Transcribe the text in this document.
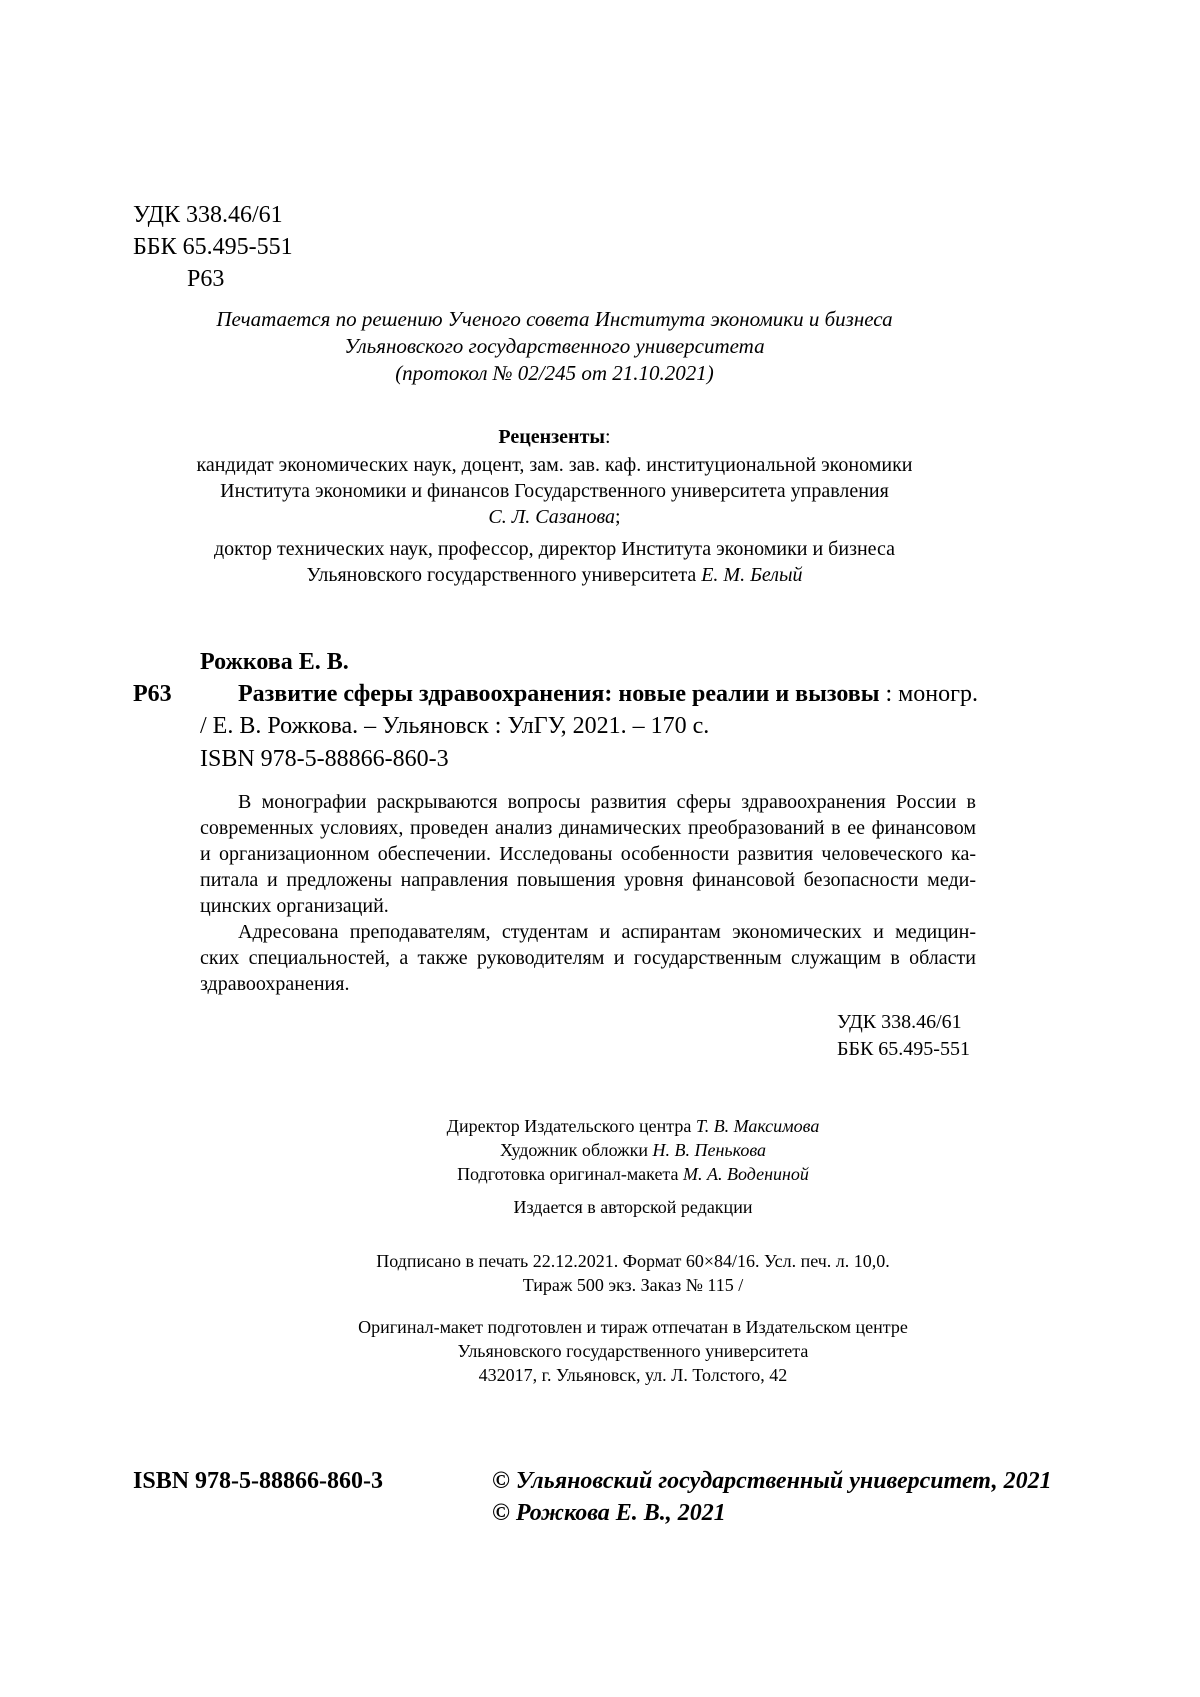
УДК 338.46/61
ББК 65.495-551
Р63
Печатается по решению Ученого совета Института экономики и бизнеса
Ульяновского государственного университета
(протокол № 02/245 от 21.10.2021)
Рецензенты:
кандидат экономических наук, доцент, зам. зав. каф. институциональной экономики
Института экономики и финансов Государственного университета управления
С. Л. Сазанова;
доктор технических наук, профессор, директор Института экономики и бизнеса
Ульяновского государственного университета Е. М. Белый
Рожкова Е. В.
Р63	Развитие сферы здравоохранения: новые реалии и вызовы : моногр.
/ Е. В. Рожкова. – Ульяновск : УлГУ, 2021. – 170 с.
ISBN 978-5-88866-860-3
В монографии раскрываются вопросы развития сферы здравоохранения России в
современных условиях, проведен анализ динамических преобразований в ее финансовом
и организационном обеспечении. Исследованы особенности развития человеческого ка-
питала и предложены направления повышения уровня финансовой безопасности меди-
цинских организаций.
Адресована преподавателям, студентам и аспирантам экономических и медицин-
ских специальностей, а также руководителям и государственным служащим в области
здравоохранения.
УДК 338.46/61
ББК 65.495-551
Директор Издательского центра Т. В. Максимова
Художник обложки Н. В. Пенькова
Подготовка оригинал-макета М. А. Водениной
Издается в авторской редакции
Подписано в печать 22.12.2021. Формат 60×84/16. Усл. печ. л. 10,0.
Тираж 500 экз. Заказ № 115 /
Оригинал-макет подготовлен и тираж отпечатан в Издательском центре
Ульяновского государственного университета
432017, г. Ульяновск, ул. Л. Толстого, 42
ISBN 978-5-88866-860-3	© Ульяновский государственный университет, 2021
© Рожкова Е. В., 2021
